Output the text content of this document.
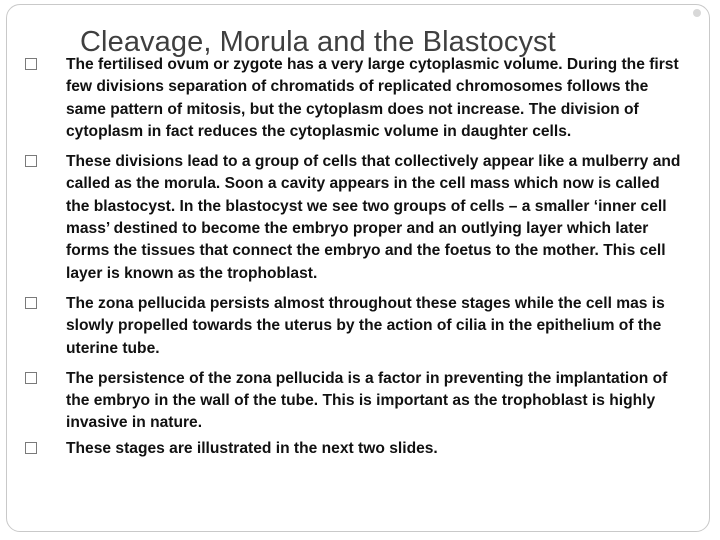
Cleavage, Morula and the Blastocyst
The fertilised ovum or zygote has a very large cytoplasmic volume. During the first few divisions separation of chromatids of replicated chromosomes follows the same pattern of mitosis, but the cytoplasm does not increase. The division of cytoplasm in fact reduces the cytoplasmic volume in daughter cells.
These divisions lead to a group of cells that collectively appear like a mulberry and called as the morula. Soon a cavity appears in the cell mass which now is called the blastocyst. In the blastocyst we see two groups of cells – a smaller ‘inner cell mass’ destined to become the embryo proper and an outlying layer which later forms the tissues that connect the embryo and the foetus to the mother. This cell layer is known as the trophoblast.
The zona pellucida persists almost throughout these stages while the cell mas is slowly propelled towards the uterus by the action of cilia in the epithelium of the uterine tube.
The persistence of the zona pellucida is a factor in preventing the implantation of the embryo in the wall of the tube. This is important as the trophoblast is highly invasive in nature.
These stages are illustrated in the next two slides.
